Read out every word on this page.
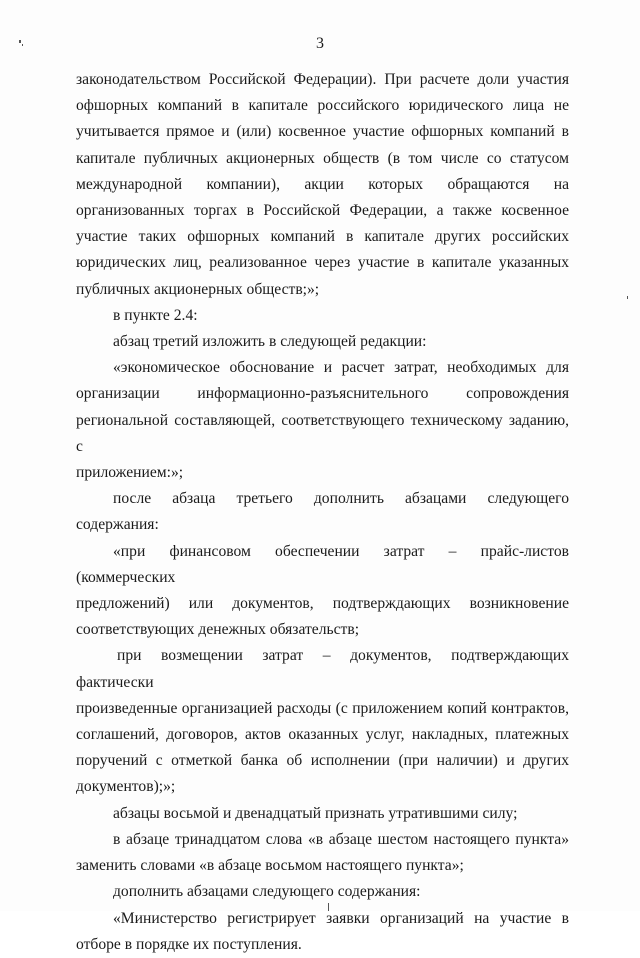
3
законодательством Российской Федерации). При расчете доли участия
офшорных компаний в капитале российского юридического лица не
учитывается прямое и (или) косвенное участие офшорных компаний в
капитале публичных акционерных обществ (в том числе со статусом
международной компании), акции которых обращаются на
организованных торгах в Российской Федерации, а также косвенное
участие таких офшорных компаний в капитале других российских
юридических лиц, реализованное через участие в капитале указанных
публичных акционерных обществ;»;
в пункте 2.4:
абзац третий изложить в следующей редакции:
«экономическое обоснование и расчет затрат, необходимых для
организации информационно-разъяснительного сопровождения
региональной составляющей, соответствующего техническому заданию, с
приложением:»;
после абзаца третьего дополнить абзацами следующего содержания:
«при финансовом обеспечении затрат – прайс-листов (коммерческих
предложений) или документов, подтверждающих возникновение
соответствующих денежных обязательств;
при возмещении затрат – документов, подтверждающих фактически
произведенные организацией расходы (с приложением копий контрактов,
соглашений, договоров, актов оказанных услуг, накладных, платежных
поручений с отметкой банка об исполнении (при наличии) и других
документов);»;
абзацы восьмой и двенадцатый признать утратившими силу;
в абзаце тринадцатом слова «в абзаце шестом настоящего пункта»
заменить словами «в абзаце восьмом настоящего пункта»;
дополнить абзацами следующего содержания:
«Министерство регистрирует заявки организаций на участие в
отборе в порядке их поступления.
